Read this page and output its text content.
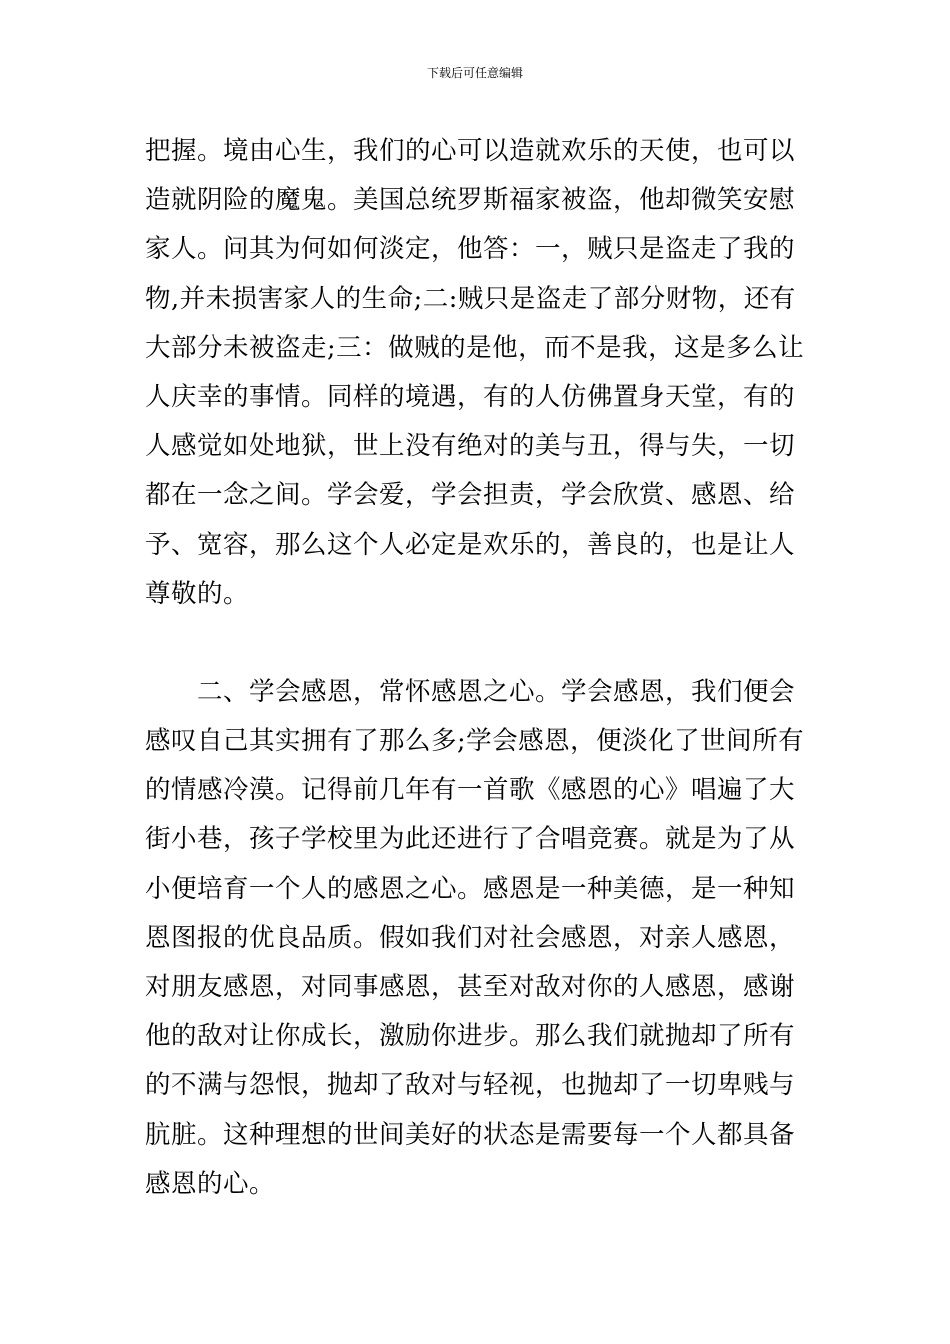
下载后可任意编辑
把握。境由心生，我们的心可以造就欢乐的天使，也可以
造就阴险的魔鬼。美国总统罗斯福家被盗，他却微笑安慰
家人。问其为何如何淡定，他答：一，贼只是盗走了我的
物,并未损害家人的生命;二:贼只是盗走了部分财物，还有
大部分未被盗走;三：做贼的是他，而不是我，这是多么让
人庆幸的事情。同样的境遇，有的人仿佛置身天堂，有的
人感觉如处地狱，世上没有绝对的美与丑，得与失，一切
都在一念之间。学会爱，学会担责，学会欣赏、感恩、给
予、宽容，那么这个人必定是欢乐的，善良的，也是让人
尊敬的。
　　二、学会感恩，常怀感恩之心。学会感恩，我们便会
感叹自己其实拥有了那么多;学会感恩，便淡化了世间所有
的情感冷漠。记得前几年有一首歌《感恩的心》唱遍了大
街小巷，孩子学校里为此还进行了合唱竞赛。就是为了从
小便培育一个人的感恩之心。感恩是一种美德，是一种知
恩图报的优良品质。假如我们对社会感恩，对亲人感恩，
对朋友感恩，对同事感恩，甚至对敌对你的人感恩，感谢
他的敌对让你成长，激励你进步。那么我们就抛却了所有
的不满与怨恨，抛却了敌对与轻视，也抛却了一切卑贱与
肮脏。这种理想的世间美好的状态是需要每一个人都具备
感恩的心。
